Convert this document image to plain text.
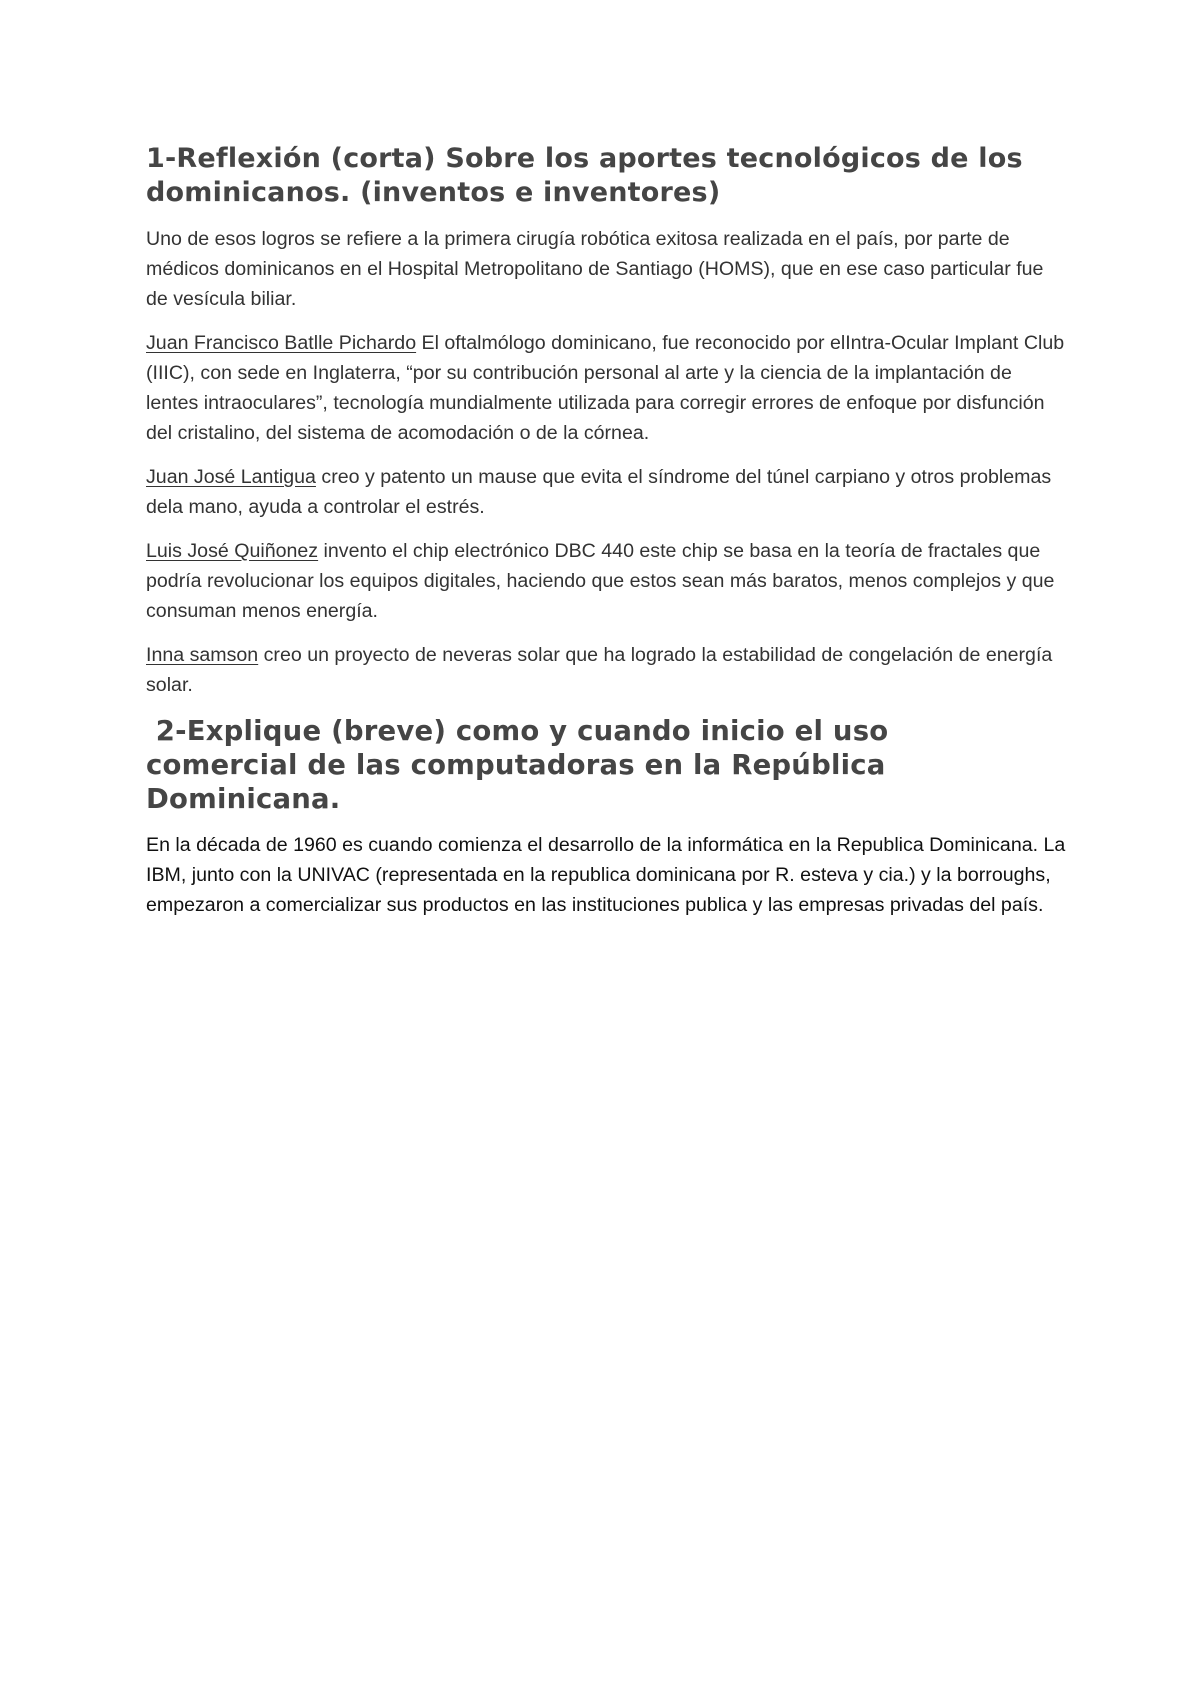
1-Reflexión (corta) Sobre los aportes tecnológicos de los dominicanos. (inventos e inventores)

Uno de esos logros se refiere a la primera cirugía robótica exitosa realizada en el país, por parte de médicos dominicanos en el Hospital Metropolitano de Santiago (HOMS), que en ese caso particular fue de vesícula biliar.

Juan Francisco Batlle Pichardo El oftalmólogo dominicano, fue reconocido por elIntra-Ocular Implant Club (IIIC), con sede en Inglaterra, “por su contribución personal al arte y la ciencia de la implantación de lentes intraoculares”, tecnología mundialmente utilizada para corregir errores de enfoque por disfunción del cristalino, del sistema de acomodación o de la córnea.

Juan José Lantigua creo y patento un mause que evita el síndrome del túnel carpiano y otros problemas dela mano, ayuda a controlar el estrés.

Luis José Quiñonez invento el chip electrónico DBC 440 este chip se basa en la teoría de fractales que podría revolucionar los equipos digitales, haciendo que estos sean más baratos, menos complejos y que consuman menos energía.

Inna samson creo un proyecto de neveras solar que ha logrado la estabilidad de congelación de energía solar.

2-Explique (breve) como y cuando inicio el uso comercial de las computadoras en la República Dominicana.

En la década de 1960 es cuando comienza el desarrollo de la informática en la Republica Dominicana. La IBM, junto con la UNIVAC (representada en la republica dominicana por R. esteva y cia.) y la borroughs, empezaron a comercializar sus productos en las instituciones publica y las empresas privadas del país.
